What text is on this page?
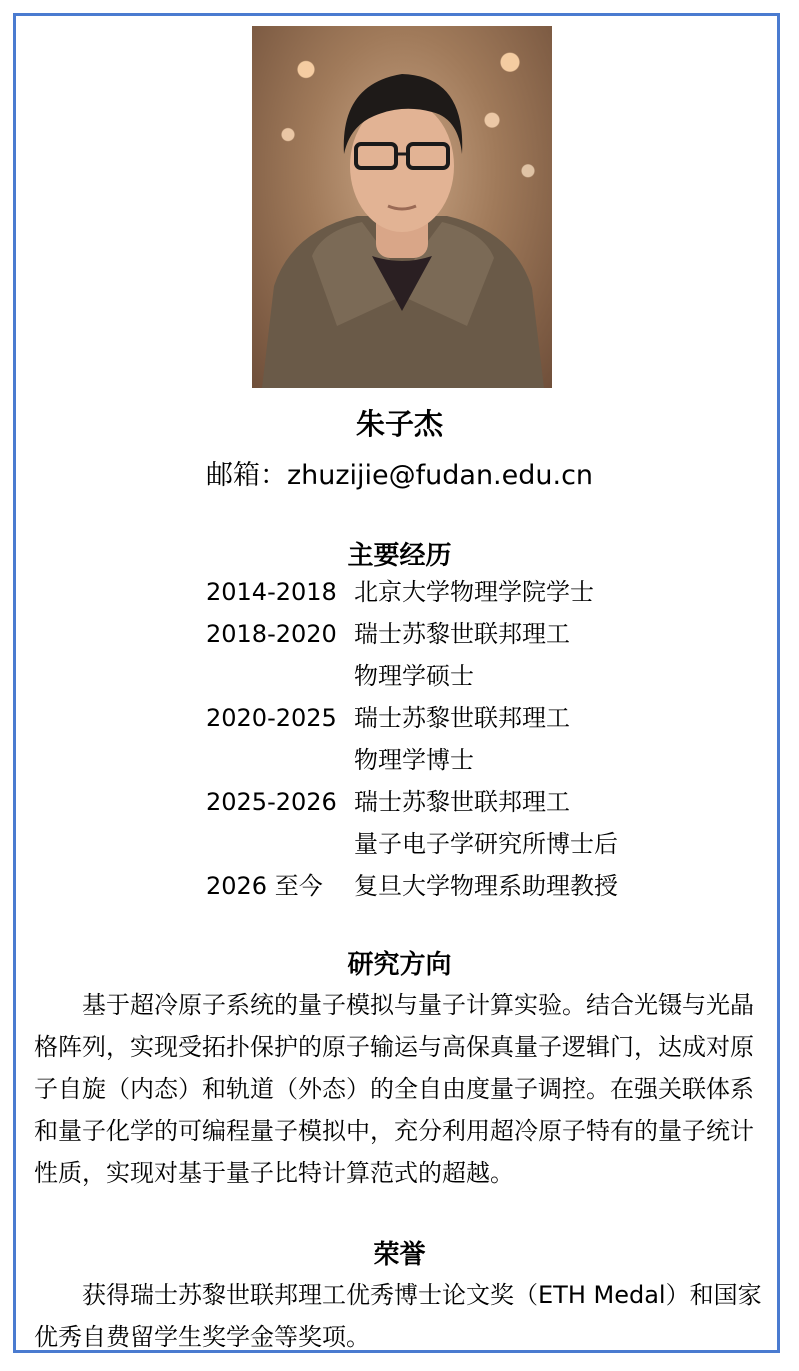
朱子杰
邮箱：zhuzijie@fudan.edu.cn
主要经历
2014-2018 北京大学物理学院学士
2018-2020 瑞士苏黎世联邦理工
物理学硕士
2020-2025 瑞士苏黎世联邦理工
物理学博士
2025-2026 瑞士苏黎世联邦理工
量子电子学研究所博士后
2026 至今 复旦大学物理系助理教授
研究方向
基于超冷原子系统的量子模拟与量子计算实验。结合光镊与光晶格阵列，实现受拓扑保护的原子输运与高保真量子逻辑门，达成对原子自旋（内态）和轨道（外态）的全自由度量子调控。在强关联体系和量子化学的可编程量子模拟中，充分利用超冷原子特有的量子统计性质，实现对基于量子比特计算范式的超越。
荣誉
获得瑞士苏黎世联邦理工优秀博士论文奖（ETH Medal）和国家优秀自费留学生奖学金等奖项。
